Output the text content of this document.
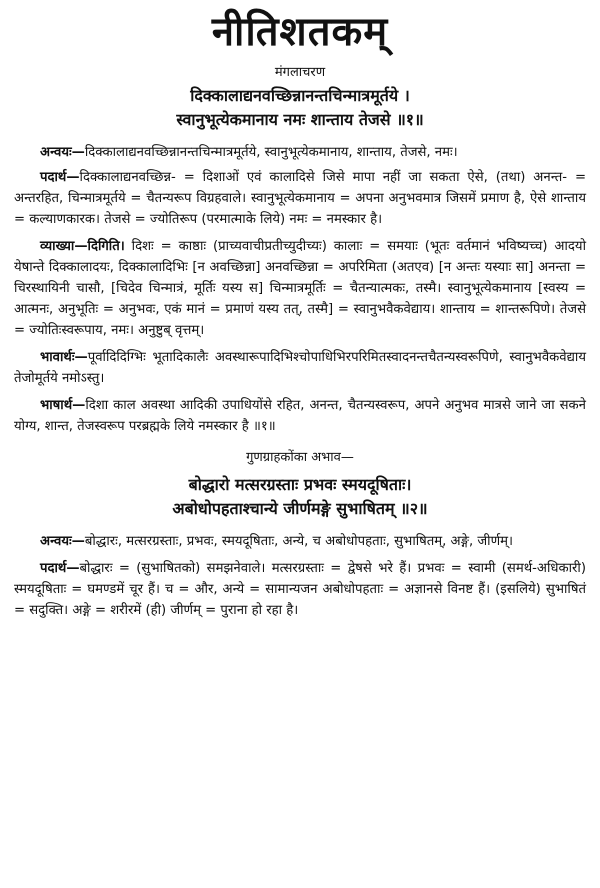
नीतिशतकम्
मंगलाचरण

दिक्कालाद्यनवच्छिन्नानन्तचिन्मात्रमूर्तये ।

स्वानुभूत्येकमानाय नमः शान्ताय तेजसे ॥१॥

अन्वयः—दिक्कालाद्यनवच्छिन्नानन्तचिन्मात्रमूर्तये, स्वानुभूत्येकमानाय, शान्ताय, तेजसे, नमः।

पदार्थ—दिक्कालाद्यनवच्छिन्न- = दिशाओं एवं कालादिसे जिसे मापा नहीं जा सकता ऐसे, (तथा) अनन्त- = अन्तरहित, चिन्मात्रमूर्तये = चैतन्यरूप विग्रहवाले। स्वानुभूत्येकमानाय = अपना अनुभवमात्र जिसमें प्रमाण है, ऐसे शान्ताय = कल्याणकारक। तेजसे = ज्योतिरूप (परमात्माके लिये) नमः = नमस्कार है।

व्याख्या—दिगिति। दिशः = काष्ठाः (प्राच्यवाचीप्रतीच्युदीच्यः) कालाः = समयाः (भूतः वर्तमानं भविष्यच्च) आदयो येषान्ते दिक्कालादयः, दिक्कालादिभिः [न अवच्छिन्ना] अनवच्छिन्ना = अपरिमिता (अतएव) [न अन्तः यस्याः सा] अनन्ता = चिरस्थायिनी चासौ, [चिदेव चिन्मात्रं, मूर्तिः यस्य स] चिन्मात्रमूर्तिः = चैतन्यात्मकः, तस्मै। स्वानुभूत्येकमानाय [स्वस्य = आत्मनः, अनुभूतिः = अनुभवः, एकं मानं = प्रमाणं यस्य तत्, तस्मै] = स्वानुभवैकवेद्याय। शान्ताय = शान्तरूपिणे। तेजसे = ज्योतिःस्वरूपाय, नमः। अनुष्टुब् वृत्तम्।

भावार्थः—पूर्वादिदिग्भिः भूतादिकालैः अवस्थारूपादिभिश्चोपाधिभिरपरिमितस्वादनन्तचैतन्यस्वरूपिणे, स्वानुभवैकवेद्याय तेजोमूर्तये नमोऽस्तु।

भाषार्थ—दिशा काल अवस्था आदिकी उपाधियोंसे रहित, अनन्त, चैतन्यस्वरूप, अपने अनुभव मात्रसे जाने जा सकने योग्य, शान्त, तेजस्वरूप परब्रह्मके लिये नमस्कार है ॥१॥

गुणग्राहकोंका अभाव—

बोद्धारो मत्सरग्रस्ताः प्रभवः स्मयदूषिताः।

अबोधोपहताश्चान्ये जीर्णमङ्गे सुभाषितम् ॥२॥

अन्वयः—बोद्धारः, मत्सरग्रस्ताः, प्रभवः, स्मयदूषिताः, अन्ये, च अबोधोपहताः, सुभाषितम्, अङ्गे, जीर्णम्।

पदार्थ—बोद्धारः = (सुभाषितको) समझनेवाले। मत्सरग्रस्ताः = द्वेषसे भरे हैं। प्रभवः = स्वामी (समर्थ-अधिकारी) स्मयदूषिताः = घमण्डमें चूर हैं। च = और, अन्ये = सामान्यजन अबोधोपहताः = अज्ञानसे विनष्ट हैं। (इसलिये) सुभाषितं = सदुक्ति। अङ्गे = शरीरमें (ही) जीर्णम् = पुराना हो रहा है।
